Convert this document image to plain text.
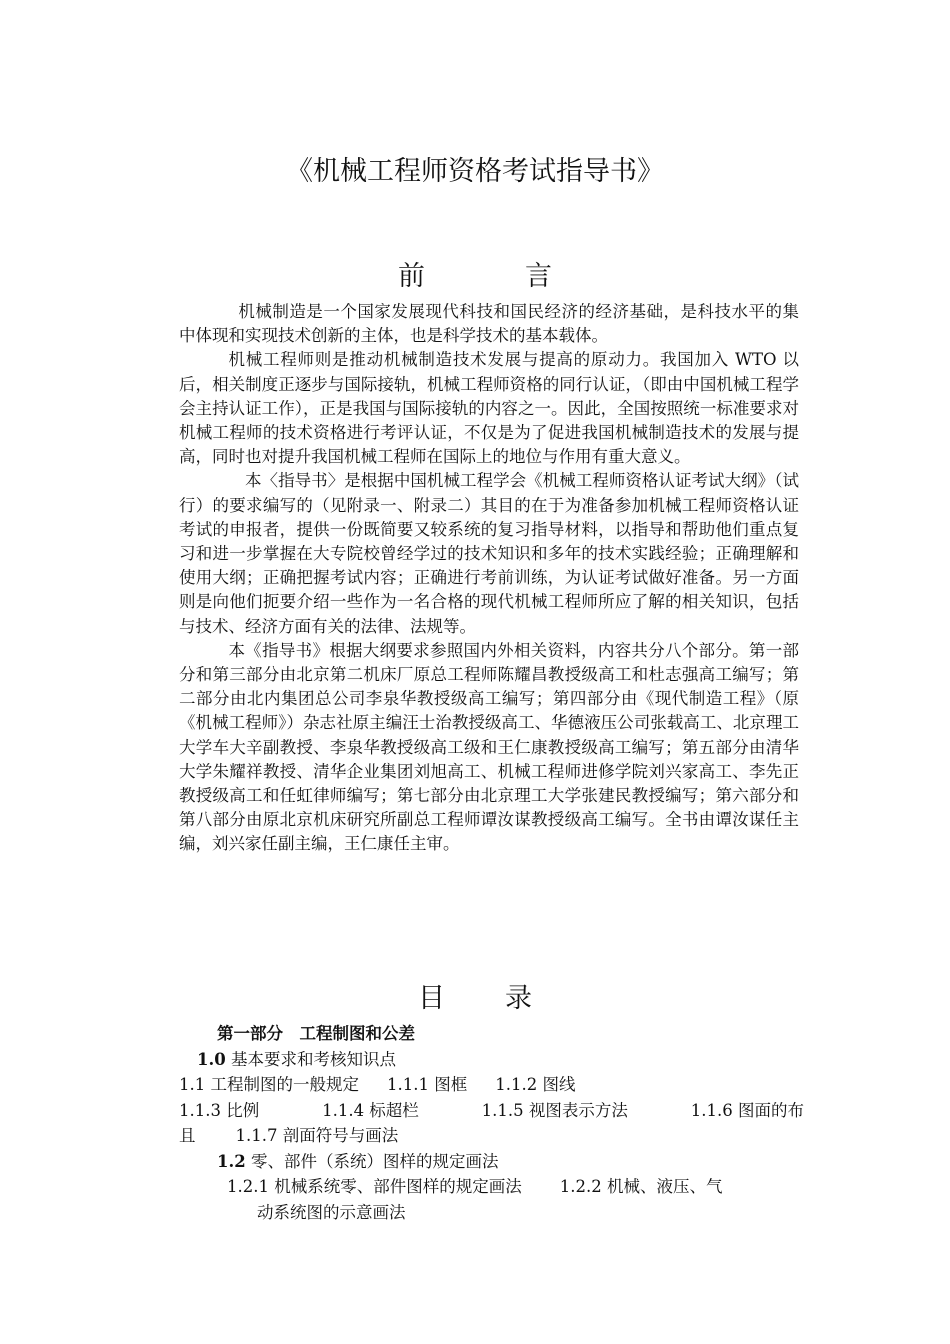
《机械工程师资格考试指导书》
前	言

机械制造是一个国家发展现代科技和国民经济的经济基础，是科技水平的集中体现和实现技术创新的主体，也是科学技术的基本载体。

机械工程师则是推动机械制造技术发展与提高的原动力。我国加入 WTO 以后，相关制度正逐步与国际接轨，机械工程师资格的同行认证，（即由中国机械工程学会主持认证工作），正是我国与国际接轨的内容之一。因此，全国按照统一标准要求对机械工程师的技术资格进行考评认证，不仅是为了促进我国机械制造技术的发展与提高，同时也对提升我国机械工程师在国际上的地位与作用有重大意义。

本〈指导书〉是根据中国机械工程学会《机械工程师资格认证考试大纲》（试行）的要求编写的（见附录一、附录二）其目的在于为准备参加机械工程师资格认证考试的申报者，提供一份既简要又较系统的复习指导材料，以指导和帮助他们重点复习和进一步掌握在大专院校曾经学过的技术知识和多年的技术实践经验；正确理解和使用大纲；正确把握考试内容；正确进行考前训练，为认证考试做好准备。另一方面则是向他们扼要介绍一些作为一名合格的现代机械工程师所应了解的相关知识，包括与技术、经济方面有关的法律、法规等。

本《指导书》根据大纲要求参照国内外相关资料，内容共分八个部分。第一部分和第三部分由北京第二机床厂原总工程师陈耀昌教授级高工和杜志强高工编写；第二部分由北内集团总公司李泉华教授级高工编写；第四部分由《现代制造工程》（原《机械工程师》）杂志社原主编汪士治教授级高工、华德液压公司张载高工、北京理工大学车大辛副教授、李泉华教授级高工级和王仁康教授级高工编写；第五部分由清华大学朱耀祥教授、清华企业集团刘旭高工、机械工程师进修学院刘兴家高工、李先正教授级高工和任虹律师编写；第七部分由北京理工大学张建民教授编写；第六部分和第八部分由原北京机床研究所副总工程师谭汝谋教授级高工编写。全书由谭汝谋任主编，刘兴家任副主编，王仁康任主审。

目 录
第一部分　工程制图和公差
1.0 基本要求和考核知识点
1.1 工程制图的一般规定 1.1.1 图框 1.1.2 图线
1.1.3 比例	1.1.4 标超栏	1.1.5 视图表示方法	1.1.6 图面的布
且 1.1.7 剖面符号与画法
1.2 零、部件（系统）图样的规定画法
1.2.1 机械系统零、部件图样的规定画法 1.2.2 机械、液压、气
动系统图的示意画法
